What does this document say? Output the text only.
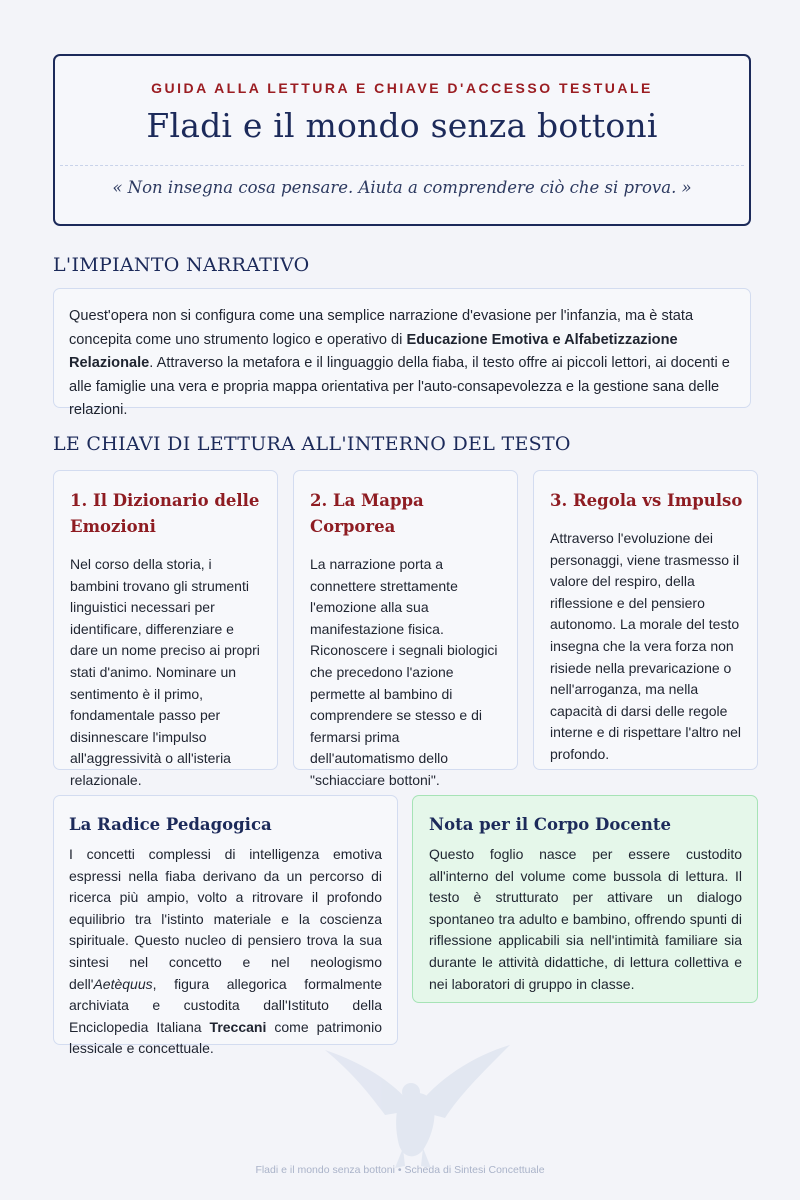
GUIDA ALLA LETTURA E CHIAVE D'ACCESSO TESTUALE
Fladi e il mondo senza bottoni
« Non insegna cosa pensare. Aiuta a comprendere ciò che si prova. »
L'IMPIANTO NARRATIVO
Quest'opera non si configura come una semplice narrazione d'evasione per l'infanzia, ma è stata concepita come uno strumento logico e operativo di Educazione Emotiva e Alfabetizzazione Relazionale. Attraverso la metafora e il linguaggio della fiaba, il testo offre ai piccoli lettori, ai docenti e alle famiglie una vera e propria mappa orientativa per l'auto-consapevolezza e la gestione sana delle relazioni.
LE CHIAVI DI LETTURA ALL'INTERNO DEL TESTO
1. Il Dizionario delle Emozioni

Nel corso della storia, i bambini trovano gli strumenti linguistici necessari per identificare, differenziare e dare un nome preciso ai propri stati d'animo. Nominare un sentimento è il primo, fondamentale passo per disinnescare l'impulso all'aggressività o all'isteria relazionale.

2. La Mappa Corporea

La narrazione porta a connettere strettamente l'emozione alla sua manifestazione fisica. Riconoscere i segnali biologici che precedono l'azione permette al bambino di comprendere se stesso e di fermarsi prima dell'automatismo dello "schiacciare bottoni".

3. Regola vs Impulso

Attraverso l'evoluzione dei personaggi, viene trasmesso il valore del respiro, della riflessione e del pensiero autonomo. La morale del testo insegna che la vera forza non risiede nella prevaricazione o nell'arroganza, ma nella capacità di darsi delle regole interne e di rispettare l'altro nel profondo.

La Radice Pedagogica

I concetti complessi di intelligenza emotiva espressi nella fiaba derivano da un percorso di ricerca più ampio, volto a ritrovare il profondo equilibrio tra l'istinto materiale e la coscienza spirituale. Questo nucleo di pensiero trova la sua sintesi nel concetto e nel neologismo dell'Aetèquus, figura allegorica formalmente archiviata e custodita dall'Istituto della Enciclopedia Italiana Treccani come patrimonio lessicale e concettuale.

Nota per il Corpo Docente

Questo foglio nasce per essere custodito all'interno del volume come bussola di lettura. Il testo è strutturato per attivare un dialogo spontaneo tra adulto e bambino, offrendo spunti di riflessione applicabili sia nell'intimità familiare sia durante le attività didattiche, di lettura collettiva e nei laboratori di gruppo in classe.

Fladi e il mondo senza bottoni • Scheda di Sintesi Concettuale
